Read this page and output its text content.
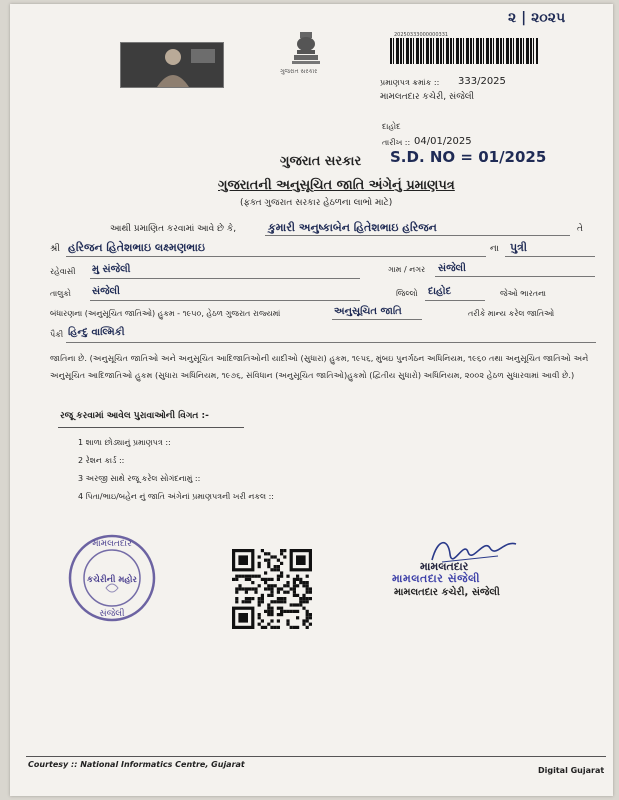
૨ | ૨૦૨૫
ગુજરાત સરકાર
20250333000000331
પ્રમાણપત્ર ક્રમાંક :: 333/2025
મામલતદાર કચેરી, સંજેલી
દાહોદ
તારીખ :: 04/01/2025
S.D. NO = 01/2025
ગુજરાત સરકાર
ગુજરાતની અનુસૂચિત જાતિ અંગેનું પ્રમાણપત્ર
(ફક્ત ગુજરાત સરકાર હેઠળના લાભો માટે)
આથી પ્રમાણિત કરવામાં આવે છે કે,	કુમારી અનુષ્કાબેન હિતેશભાઇ હરિજન	તે
શ્રી હરિજન હિતેશભાઇ લક્ષ્મણભાઇ	ના પુત્રી
રહેવાસી મુ સંજેલી	ગામ / નગર સંજેલી
તાલુકો સંજેલી	જિલ્લો દાહોદ	જેઓ ભારતના
બંધારણના (અનુસૂચિત જાતિઓ) હુકમ - ૧૯૫૦, હેઠળ ગુજરાત રાજ્યમાં	અનુસૂચિત જાતિ	તરીકે માન્ય કરેલ જાતિઓ
પૈકી હિન્દુ વાલ્મિકી
જાતિના છે. (અનુસૂચિત જાતિઓ અને અનુસૂચિત આદિજાતિઓની યાદીઓ (સુધારા) હુકમ, ૧૯૫૬, મુંબઇ પુનર્ગઠન અધિનિયમ, ૧૯૬૦ તથા અનુસૂચિત જાતિઓ અને અનુસૂચિત આદિજાતિઓ હુકમ (સુધારા અધિનિયમ, ૧૯૭૬, સંવિધાન (અનુસૂચિત જાતિઓ)હુકમો (દ્વિતીય સુધારો) અધિનિયમ, ૨૦૦૨ હેઠળ સુધારવામાં આવી છે.)
રજૂ કરવામાં આવેલ પુરાવાઓની વિગત :-
1 શાળા છોડ્યાનું પ્રમાણપત્ર ::
2 રેશન કાર્ડ ::
3 અરજી સાથે રજૂ કરેલ સોગંદનામું ::
4 પિતા/ભાઇ/બહેન નું જાતિ અંગેનાં પ્રમાણપત્રની ખરી નકલ ::
મામલતદાર
કચેરીની મહોર
સંજેલી
મામલતદાર
મામલતદાર સંજેલી
મામલતદાર કચેરી, સંજેલી
Courtesy :: National Informatics Centre, Gujarat
Digital Gujarat
